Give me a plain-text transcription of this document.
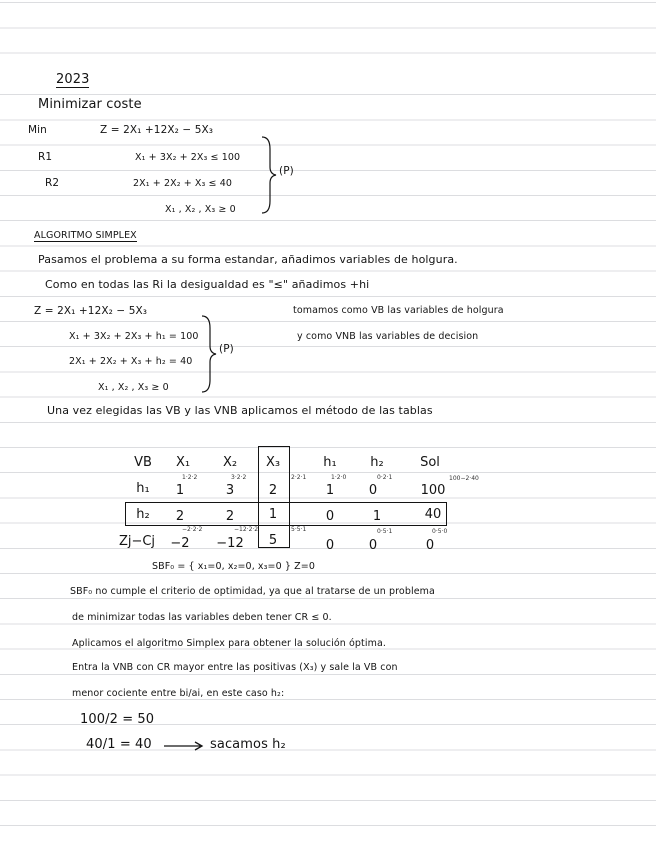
2023
Minimizar coste
Min	Z = 2X₁ +12X₂ − 5X₃
R1	X₁ + 3X₂ + 2X₃ ≤ 100
R2	2X₁ + 2X₂ + X₃ ≤ 40
X₁ , X₂ , X₃ ≥ 0
(P)
ALGORITMO SIMPLEX
Pasamos el problema a su forma estandar, añadimos variables de holgura.
Como en todas las Ri la desigualdad es "≤" añadimos +hi
Z = 2X₁ +12X₂ − 5X₃
X₁ + 3X₂ + 2X₃ + h₁ = 100
2X₁ + 2X₂ + X₃ + h₂ = 40
X₁ , X₂ , X₃ ≥ 0
(P)
tomamos como VB las variables de holgura
y como VNB las variables de decision
Una vez elegidas las VB y las VNB aplicamos el método de las tablas
VB	X₁	X₂	X₃	h₁	h₂	Sol
h₁	1	3	2	1	0	100
1·2·2	3·2·2	2·2·1	1·2·0	0·2·1	100−2·40
h₂	2	2	1	0	1	40
Zj−Cj	−2	−12	5	0	0	0
−2·2·2	−12·2·2	5·5·1	0·5·1	0·5·0
SBF₀ = { x₁=0, x₂=0, x₃=0 } Z=0
SBF₀ no cumple el criterio de optimidad, ya que al tratarse de un problema
de minimizar todas las variables deben tener CR ≤ 0.
Aplicamos el algoritmo Simplex para obtener la solución óptima.
Entra la VNB con CR mayor entre las positivas (X₃) y sale la VB con
menor cociente entre bi/ai, en este caso h₂:
100/2 = 50
40/1 = 40	sacamos h₂
